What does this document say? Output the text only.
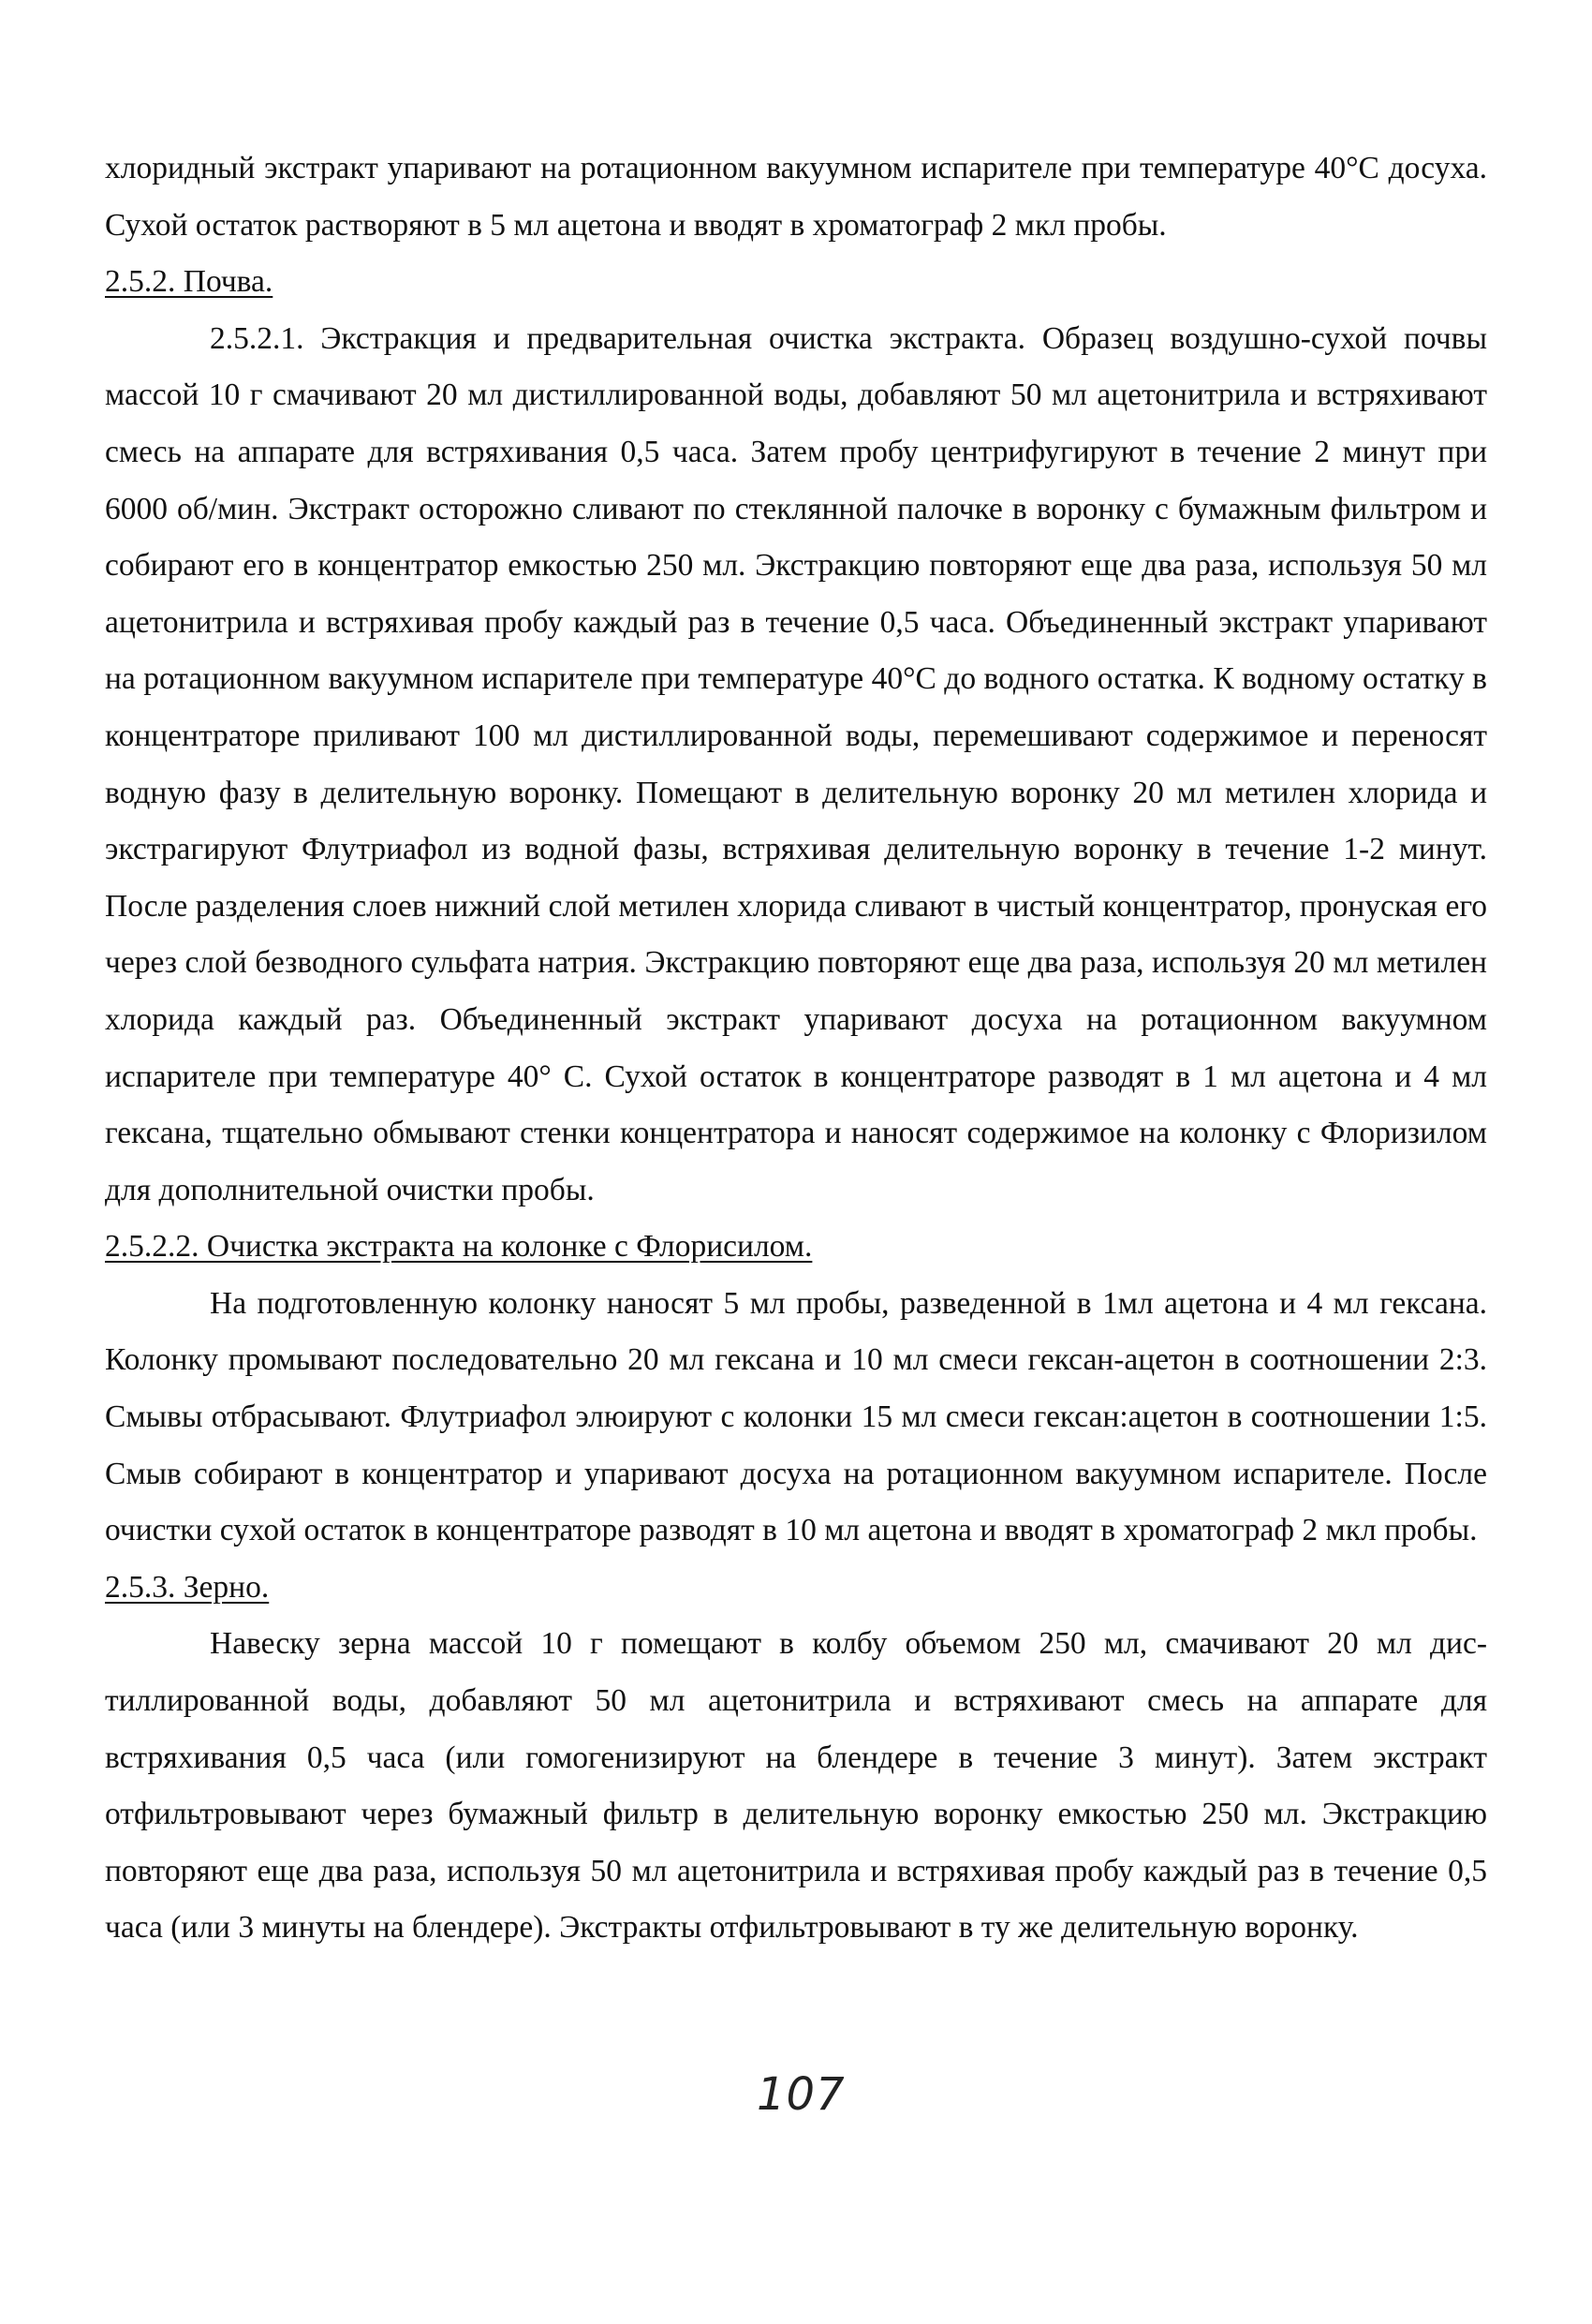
хлоридный экстракт упаривают на ротационном вакуумном испарителе при температуре 40°С досуха. Сухой остаток растворяют в 5 мл ацетона и вводят в хроматограф 2 мкл пробы.

2.5.2. Почва.

2.5.2.1. Экстракция и предварительная очистка экстракта. Образец воздушно-сухой почвы массой 10 г смачивают 20 мл дистиллированной воды, добавляют 50 мл ацетонитрила и встряхивают смесь на аппарате для встряхивания 0,5 часа. Затем пробу центрифугируют в течение 2 минут при 6000 об/мин. Экстракт осторожно сливают по стеклянной палочке в воронку с бумажным фильтром и собирают его в концентратор емкостью 250 мл. Экстракцию повторяют еще два раза, используя 50 мл ацетонитрила и встряхивая пробу каждый раз в течение 0,5 часа. Объединенный экстракт упаривают на ротационном вакуумном испарителе при температуре 40°С до водного остатка. К водному остатку в концентраторе приливают 100 мл дистиллированной воды, перемешивают содержимое и переносят водную фазу в делительную воронку. Помещают в делительную воронку 20 мл метилен хлорида и экстрагируют Флутриафол из водной фазы, встряхивая делительную воронку в течение 1-2 минут. После разделения слоев нижний слой метилен хлорида сливают в чистый концентратор, пронуская его через слой безводного сульфата натрия. Экстракцию повторяют еще два раза, используя 20 мл метилен хлорида каждый раз. Объединенный экстракт упаривают досуха на ротационном вакуумном испарителе при температуре 40° С. Сухой остаток в концентраторе разводят в 1 мл ацетона и 4 мл гексана, тщательно обмывают стенки концентратора и наносят содержимое на колонку с Флоризилом для дополнительной очистки пробы.

2.5.2.2. Очистка экстракта на колонке с Флорисилом.

На подготовленную колонку наносят 5 мл пробы, разведенной в 1мл ацетона и 4 мл гексана. Колонку промывают последовательно 20 мл гексана и 10 мл смеси гексан-ацетон в соотношении 2:3. Смывы отбрасывают. Флутриафол элюируют с колонки 15 мл смеси гексан:ацетон в соотношении 1:5. Смыв собирают в концентратор и упаривают досуха на ротационном вакуумном испарителе. После очистки сухой остаток в концентраторе разводят в 10 мл ацетона и вводят в хроматограф 2 мкл пробы.

2.5.3. Зерно.

Навеску зерна массой 10 г помещают в колбу объемом 250 мл, смачивают 20 мл дистиллированной воды, добавляют 50 мл ацетонитрила и встряхивают смесь на аппарате для встряхивания 0,5 часа (или гомогенизируют на блендере в течение 3 минут). Затем экстракт отфильтровывают через бумажный фильтр в делительную воронку емкостью 250 мл. Экстракцию повторяют еще два раза, используя 50 мл ацетонитрила и встряхивая пробу каждый раз в течение 0,5 часа (или 3 минуты на блендере). Экстракты отфильтровывают в ту же делительную воронку.

107
